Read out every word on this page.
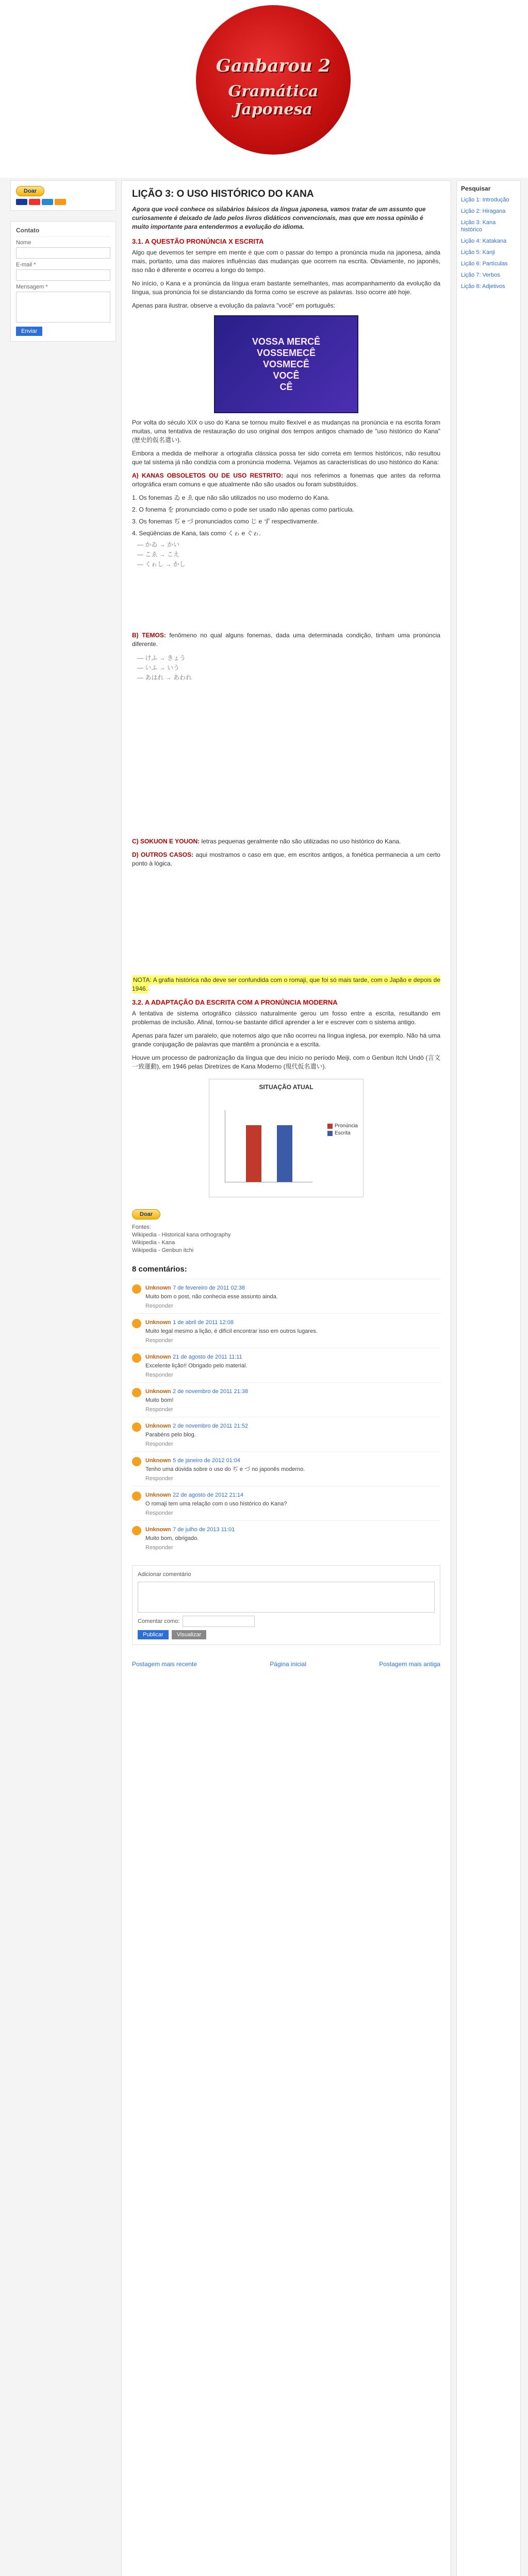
Ganbarou 2
Gramática Japonesa
Doar
Contato
Nome
E-mail *
Mensagem *
Enviar
LIÇÃO 3: O USO HISTÓRICO DO KANA
Agora que você conhece os silabários básicos da língua japonesa, vamos tratar de um assunto que curiosamente é deixado de lado pelos livros didáticos convencionais, mas que em nossa opinião é muito importante para entendermos a evolução do idioma.
3.1. A QUESTÃO PRONÚNCIA X ESCRITA

Algo que devemos ter sempre em mente é que com o passar do tempo a pronúncia muda na japonesa, ainda mais, portanto, uma das maiores influências das mudanças que ocorrem na escrita. Obviamente, no japonês, isso não é diferente e ocorreu a longo do tempo.

No início, o Kana e a pronúncia da língua eram bastante semelhantes, mas acompanhamento da evolução da língua, sua pronúncia foi se distanciando da forma como se escreve as palavras. Isso ocorre até hoje.

Apenas para ilustrar, observe a evolução da palavra "você" em português:

VOSSA MERCÊ
VOSSEMECÊ
VOSMECÊ
VOCÊ
CÊ

Por volta do século XIX o uso do Kana se tornou muito flexível e as mudanças na pronúncia e na escrita foram muitas, uma tentativa de restauração do uso original dos tempos antigos chamado de "uso histórico do Kana" (歴史的仮名遣い).

Embora a medida de melhorar a ortografia clássica possa ter sido correta em termos históricos, não resultou que tal sistema já não condizia com a pronúncia moderna. Vejamos as características do uso histórico do Kana:

A) KANAS OBSOLETOS OU DE USO RESTRITO: aqui nos referimos a fonemas que antes da reforma ortográfica eram comuns e que atualmente não são usados ou foram substituídos.

1. Os fonemas ゐ e ゑ que não são utilizados no uso moderno do Kana.
2. O fonema を pronunciado como o pode ser usado não apenas como partícula.
3. Os fonemas ぢ e づ pronunciados como じ e ず respectivamente.
4. Seqüências de Kana, tais como くゎ e ぐゎ.
— かゐ → かい
— こゑ → こえ
— くゎし → かし

B) TEMOS: fenômeno no qual alguns fonemas, dada uma determinada condição, tinham uma pronúncia diferente.

— けふ → きょう
— いふ → いう
— あはれ → あわれ

C) SOKUON E YOUON: letras pequenas geralmente não são utilizadas no uso histórico do Kana.

D) OUTROS CASOS: aqui mostramos o caso em que, em escritos antigos, a fonética permanecia a um certo ponto à lógica.

NOTA: A grafia histórica não deve ser confundida com o romaji, que foi só mais tarde, com o Japão e depois de 1946.

3.2. A ADAPTAÇÃO DA ESCRITA COM A PRONÚNCIA MODERNA

A tentativa de sistema ortográfico clássico naturalmente gerou um fosso entre a escrita, resultando em problemas de inclusão. Afinal, tornou-se bastante difícil aprender a ler e escrever com o sistema antigo.

Apenas para fazer um paralelo, que notemos algo que não ocorreu na língua inglesa, por exemplo. Não há uma grande conjugação de palavras que mantêm a pronúncia e a escrita.

Houve um processo de padronização da língua que deu início no período Meiji, com o Genbun Itchi Undō (言文一致運動), em 1946 pelas Diretrizes de Kana Moderno (現代仮名遣い).

SITUAÇÃO ATUAL
Pronúncia
Escrita
Doar
Fontes:
Wikipedia - Historical kana orthography
Wikipedia - Kana
Wikipedia - Genbun itchi
8 comentários:
Unknown 7 de fevereiro de 2011 02:38
Muito bom o post, não conhecia esse assunto ainda.
Responder
Unknown 1 de abril de 2011 12:08
Muito legal mesmo a lição, é difícil encontrar isso em outros lugares.
Responder
Unknown 21 de agosto de 2011 11:11
Excelente lição!! Obrigado pelo material.
Responder
Unknown 2 de novembro de 2011 21:38
Muito bom!
Responder
Unknown 2 de novembro de 2011 21:52
Parabéns pelo blog.
Responder
Unknown 5 de janeiro de 2012 01:04
Tenho uma dúvida sobre o uso do ぢ e づ no japonês moderno.
Responder
Unknown 22 de agosto de 2012 21:14
O romaji tem uma relação com o uso histórico do Kana?
Responder
Unknown 7 de julho de 2013 11:01
Muito bom, obrigado.
Responder
Adicionar comentário
Comentar como:
Publicar	Visualizar
Postagem mais recente	Página inicial	Postagem mais antiga
Pesquisar
Lição 1: Introdução
Lição 2: Hiragana
Lição 3: Kana histórico
Lição 4: Katakana
Lição 5: Kanji
Lição 6: Partículas
Lição 7: Verbos
Lição 8: Adjetivos
